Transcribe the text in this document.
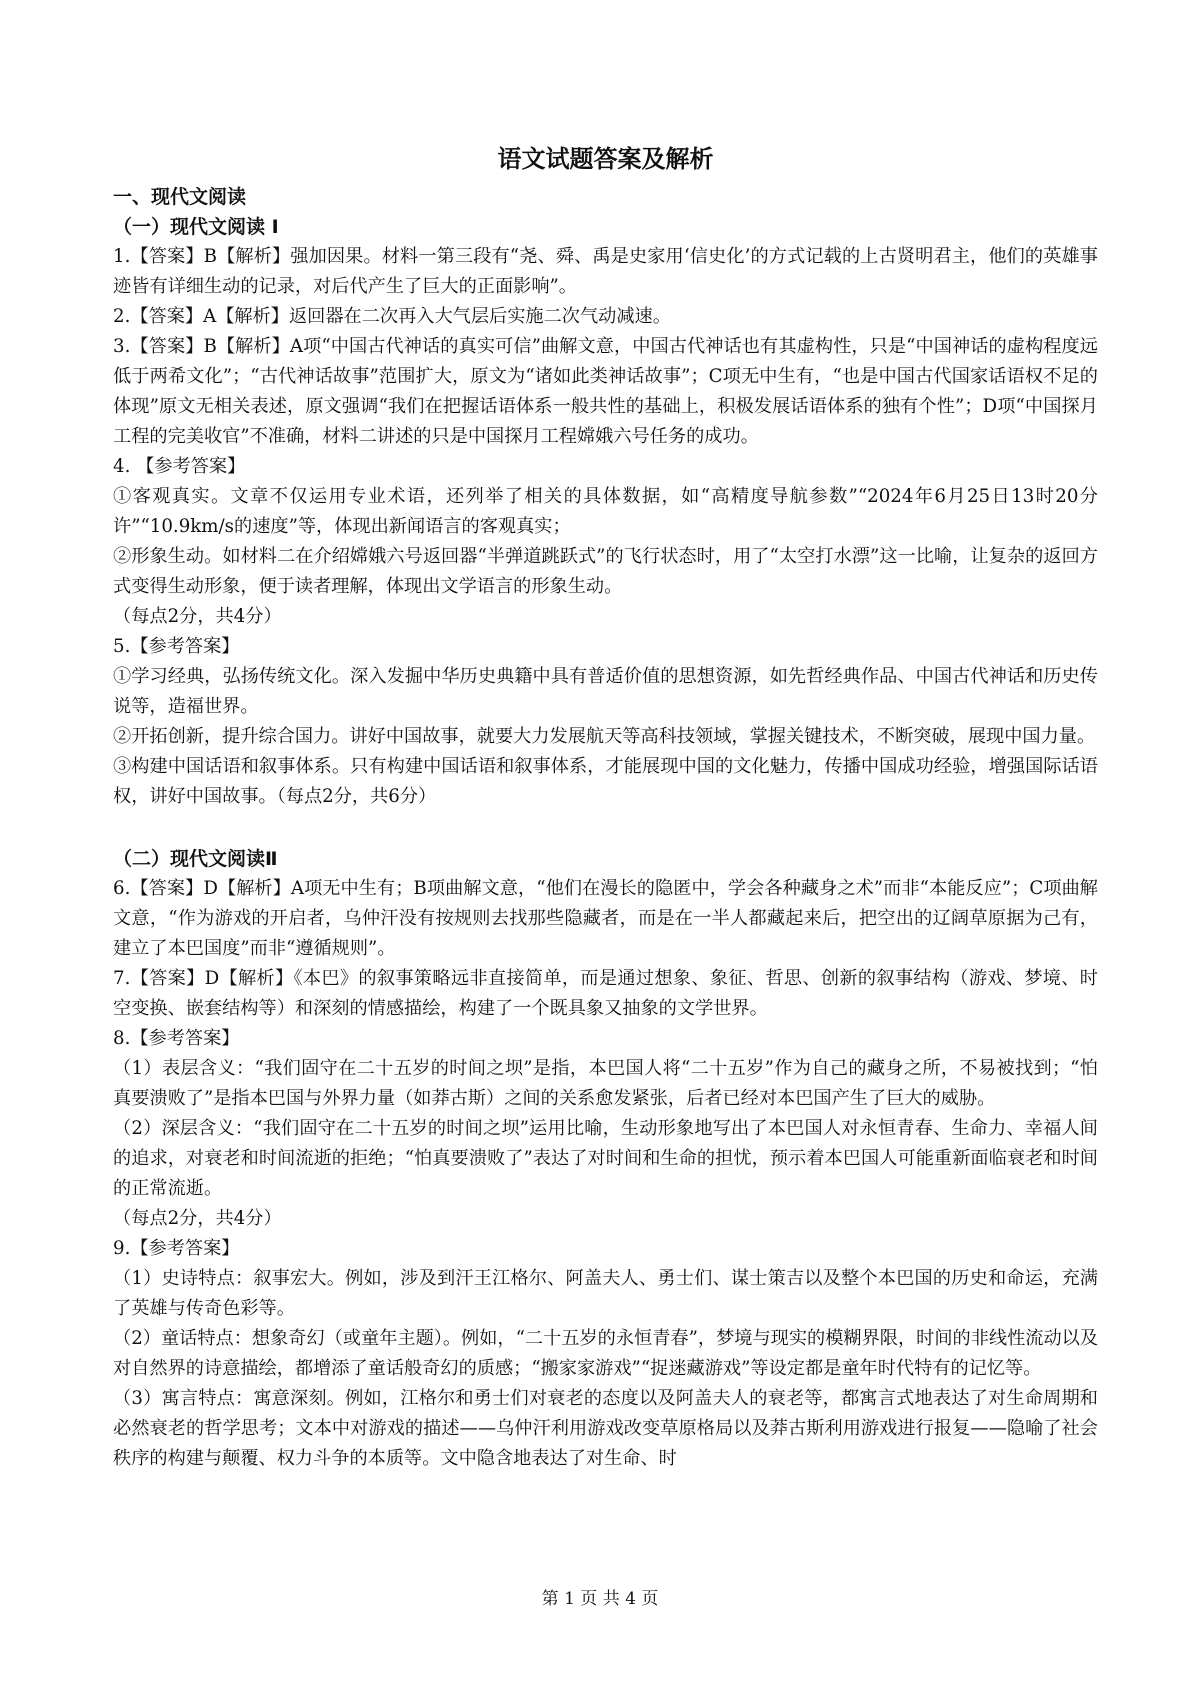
语文试题答案及解析

一、现代文阅读

（一）现代文阅读 Ⅰ

1.【答案】B【解析】强加因果。材料一第三段有“尧、舜、禹是史家用‘信史化’的方式记载的上古贤明君主，他们的英雄事迹皆有详细生动的记录，对后代产生了巨大的正面影响”。

2.【答案】A【解析】返回器在二次再入大气层后实施二次气动减速。

3.【答案】B【解析】A项“中国古代神话的真实可信”曲解文意，中国古代神话也有其虚构性，只是“中国神话的虚构程度远低于两希文化”；“古代神话故事”范围扩大，原文为“诸如此类神话故事”；C项无中生有，“也是中国古代国家话语权不足的体现”原文无相关表述，原文强调“我们在把握话语体系一般共性的基础上，积极发展话语体系的独有个性”；D项“中国探月工程的完美收官”不准确，材料二讲述的只是中国探月工程嫦娥六号任务的成功。

4. 【参考答案】

①客观真实。文章不仅运用专业术语，还列举了相关的具体数据，如“高精度导航参数”“2024年6月25日13时20分许”“10.9km/s的速度”等，体现出新闻语言的客观真实；

②形象生动。如材料二在介绍嫦娥六号返回器“半弹道跳跃式”的飞行状态时，用了“太空打水漂”这一比喻，让复杂的返回方式变得生动形象，便于读者理解，体现出文学语言的形象生动。

（每点2分，共4分）

5.【参考答案】

①学习经典，弘扬传统文化。深入发掘中华历史典籍中具有普适价值的思想资源，如先哲经典作品、中国古代神话和历史传说等，造福世界。

②开拓创新，提升综合国力。讲好中国故事，就要大力发展航天等高科技领域，掌握关键技术，不断突破，展现中国力量。

③构建中国话语和叙事体系。只有构建中国话语和叙事体系，才能展现中国的文化魅力，传播中国成功经验，增强国际话语权，讲好中国故事。（每点2分，共6分）

（二）现代文阅读Ⅱ

6.【答案】D【解析】A项无中生有；B项曲解文意，“他们在漫长的隐匿中，学会各种藏身之术”而非“本能反应”；C项曲解文意，“作为游戏的开启者，乌仲汗没有按规则去找那些隐藏者，而是在一半人都藏起来后，把空出的辽阔草原据为己有，建立了本巴国度”而非“遵循规则”。

7.【答案】D【解析】《本巴》的叙事策略远非直接简单，而是通过想象、象征、哲思、创新的叙事结构（游戏、梦境、时空变换、嵌套结构等）和深刻的情感描绘，构建了一个既具象又抽象的文学世界。

8.【参考答案】

（1）表层含义：“我们固守在二十五岁的时间之坝”是指，本巴国人将“二十五岁”作为自己的藏身之所，不易被找到；“怕真要溃败了”是指本巴国与外界力量（如莽古斯）之间的关系愈发紧张，后者已经对本巴国产生了巨大的威胁。

（2）深层含义：“我们固守在二十五岁的时间之坝”运用比喻，生动形象地写出了本巴国人对永恒青春、生命力、幸福人间的追求，对衰老和时间流逝的拒绝；“怕真要溃败了”表达了对时间和生命的担忧，预示着本巴国人可能重新面临衰老和时间的正常流逝。

（每点2分，共4分）

9.【参考答案】

（1）史诗特点：叙事宏大。例如，涉及到汗王江格尔、阿盖夫人、勇士们、谋士策吉以及整个本巴国的历史和命运，充满了英雄与传奇色彩等。

（2）童话特点：想象奇幻（或童年主题）。例如，“二十五岁的永恒青春”，梦境与现实的模糊界限，时间的非线性流动以及对自然界的诗意描绘，都增添了童话般奇幻的质感；“搬家家游戏”“捉迷藏游戏”等设定都是童年时代特有的记忆等。

（3）寓言特点：寓意深刻。例如，江格尔和勇士们对衰老的态度以及阿盖夫人的衰老等，都寓言式地表达了对生命周期和必然衰老的哲学思考；文本中对游戏的描述——乌仲汗利用游戏改变草原格局以及莽古斯利用游戏进行报复——隐喻了社会秩序的构建与颠覆、权力斗争的本质等。文中隐含地表达了对生命、时

第 1 页 共 4 页
